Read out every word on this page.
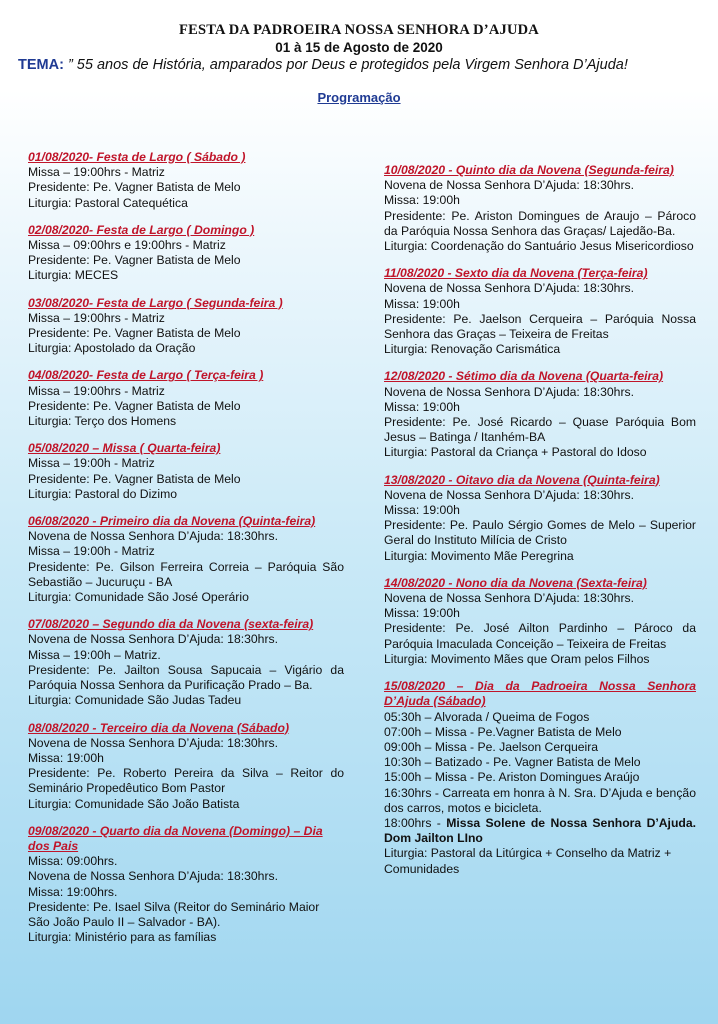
FESTA DA PADROEIRA NOSSA SENHORA D’AJUDA
01 à 15 de Agosto de 2020
TEMA: ” 55 anos de História, amparados por Deus e protegidos pela Virgem Senhora D’Ajuda!
Programação
01/08/2020- Festa de Largo ( Sábado )
Missa – 19:00hrs - Matriz
Presidente: Pe. Vagner Batista de Melo
Liturgia: Pastoral Catequética
02/08/2020- Festa de Largo ( Domingo )
Missa – 09:00hrs e 19:00hrs - Matriz
Presidente: Pe. Vagner Batista de Melo
Liturgia: MECES
03/08/2020- Festa de Largo ( Segunda-feira )
Missa – 19:00hrs - Matriz
Presidente: Pe. Vagner Batista de Melo
Liturgia: Apostolado da Oração
04/08/2020- Festa de Largo ( Terça-feira )
Missa – 19:00hrs - Matriz
Presidente: Pe. Vagner Batista de Melo
Liturgia: Terço dos Homens
05/08/2020 – Missa ( Quarta-feira)
Missa – 19:00h - Matriz
Presidente: Pe. Vagner Batista de Melo
Liturgia: Pastoral do Dizimo
06/08/2020 - Primeiro dia da Novena (Quinta-feira)
Novena de Nossa Senhora D’Ajuda: 18:30hrs.
Missa – 19:00h - Matriz
Presidente: Pe. Gilson Ferreira Correia – Paróquia São Sebastião – Jucuruçu - BA
Liturgia: Comunidade São José Operário
07/08/2020 – Segundo dia da Novena (sexta-feira)
Novena de Nossa Senhora D’Ajuda: 18:30hrs.
Missa – 19:00h – Matriz.
Presidente: Pe. Jailton Sousa Sapucaia – Vigário da Paróquia Nossa Senhora da Purificação Prado – Ba.
Liturgia: Comunidade São Judas Tadeu
08/08/2020 - Terceiro dia da Novena (Sábado)
Novena de Nossa Senhora D’Ajuda: 18:30hrs.
Missa: 19:00h
Presidente: Pe. Roberto Pereira da Silva – Reitor do Seminário Propedêutico Bom Pastor
Liturgia: Comunidade São João Batista
09/08/2020 - Quarto dia da Novena (Domingo) – Dia dos Pais
Missa: 09:00hrs.
Novena de Nossa Senhora D’Ajuda: 18:30hrs.
Missa: 19:00hrs.
Presidente: Pe. Isael Silva (Reitor do Seminário Maior São João Paulo II – Salvador - BA).
Liturgia: Ministério para as famílias
10/08/2020 - Quinto dia da Novena (Segunda-feira)
Novena de Nossa Senhora D’Ajuda: 18:30hrs.
Missa: 19:00h
Presidente: Pe. Ariston Domingues de Araujo – Pároco da Paróquia Nossa Senhora das Graças/ Lajedão-Ba.
Liturgia: Coordenação do Santuário Jesus Misericordioso
11/08/2020 - Sexto dia da Novena (Terça-feira)
Novena de Nossa Senhora D’Ajuda: 18:30hrs.
Missa: 19:00h
Presidente: Pe. Jaelson Cerqueira – Paróquia Nossa Senhora das Graças – Teixeira de Freitas
Liturgia: Renovação Carismática
12/08/2020 - Sétimo dia da Novena (Quarta-feira)
Novena de Nossa Senhora D’Ajuda: 18:30hrs.
Missa: 19:00h
Presidente: Pe. José Ricardo – Quase Paróquia Bom Jesus – Batinga / Itanhém-BA
Liturgia: Pastoral da Criança + Pastoral do Idoso
13/08/2020 - Oitavo dia da Novena (Quinta-feira)
Novena de Nossa Senhora D’Ajuda: 18:30hrs.
Missa: 19:00h
Presidente: Pe. Paulo Sérgio Gomes de Melo – Superior Geral do Instituto Milícia de Cristo
Liturgia: Movimento Mãe Peregrina
14/08/2020 - Nono dia da Novena (Sexta-feira)
Novena de Nossa Senhora D’Ajuda: 18:30hrs.
Missa: 19:00h
Presidente: Pe. José Ailton Pardinho – Pároco da Paróquia Imaculada Conceição – Teixeira de Freitas
Liturgia: Movimento Mães que Oram pelos Filhos
15/08/2020 – Dia da Padroeira Nossa Senhora D’Ajuda (Sábado)
05:30h – Alvorada / Queima de Fogos
07:00h – Missa - Pe.Vagner Batista de Melo
09:00h – Missa - Pe. Jaelson Cerqueira
10:30h – Batizado - Pe. Vagner Batista de Melo
15:00h – Missa - Pe. Ariston Domingues Araújo
16:30hrs - Carreata em honra à N. Sra. D’Ajuda e benção dos carros, motos e bicicleta.
18:00hrs - Missa Solene de Nossa Senhora D’Ajuda. Dom Jailton LIno
Liturgia: Pastoral da Litúrgica + Conselho da Matriz + Comunidades
